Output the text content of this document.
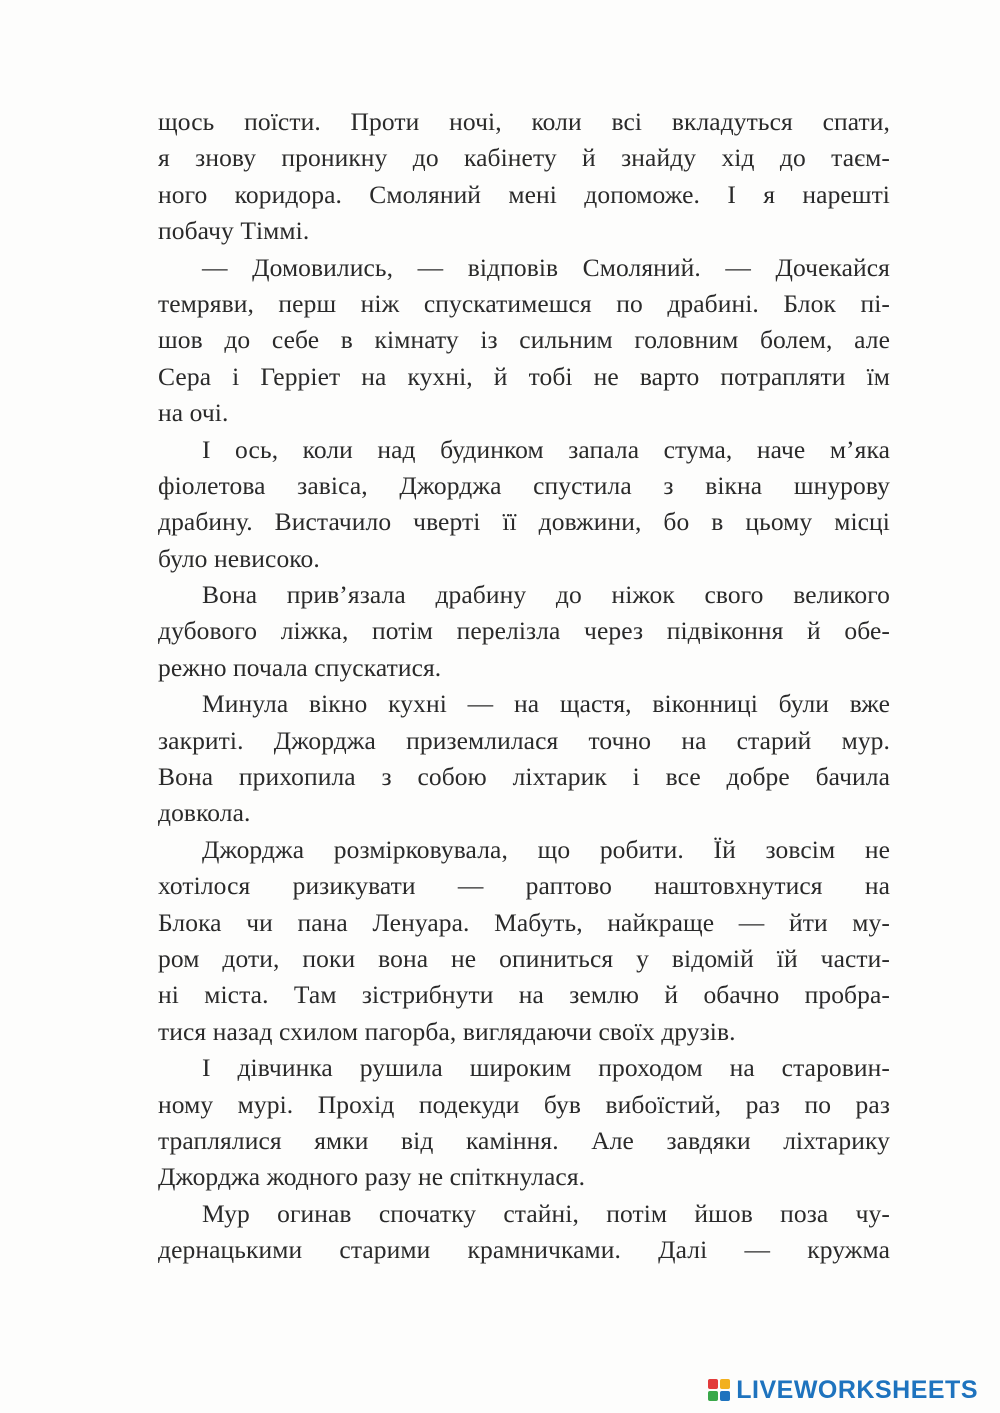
щось поїсти. Проти ночі, коли всі вкладуться спати,
я знову проникну до кабінету й знайду хід до таєм-
ного коридора. Смоляний мені допоможе. І я нарешті
побачу Тіммі.
— Домовились, — відповів Смоляний. — Дочекайся
темряви, перш ніж спускатимешся по драбині. Блок пі-
шов до себе в кімнату із сильним головним болем, але
Сера і Герріет на кухні, й тобі не варто потрапляти їм
на очі.
І ось, коли над будинком запала стума, наче м’яка
фіолетова завіса, Джорджа спустила з вікна шнурову
драбину. Вистачило чверті її довжини, бо в цьому місці
було невисоко.
Вона прив’язала драбину до ніжок свого великого
дубового ліжка, потім перелізла через підвіконня й обе-
режно почала спускатися.
Минула вікно кухні — на щастя, віконниці були вже
закриті. Джорджа приземлилася точно на старий мур.
Вона прихопила з собою ліхтарик і все добре бачила
довкола.
Джорджа розмірковувала, що робити. Їй зовсім не
хотілося ризикувати — раптово наштовхнутися на
Блока чи пана Ленуара. Мабуть, найкраще — йти му-
ром доти, поки вона не опиниться у відомій їй части-
ні міста. Там зістрибнути на землю й обачно пробра-
тися назад схилом пагорба, виглядаючи своїх друзів.
І дівчинка рушила широким проходом на старовин-
ному мурі. Прохід подекуди був вибоїстий, раз по раз
траплялися ямки від каміння. Але завдяки ліхтарику
Джорджа жодного разу не спіткнулася.
Мур огинав спочатку стайні, потім йшов поза чу-
дернацькими старими крамничками. Далі — кружма
LIVEWORKSHEETS
